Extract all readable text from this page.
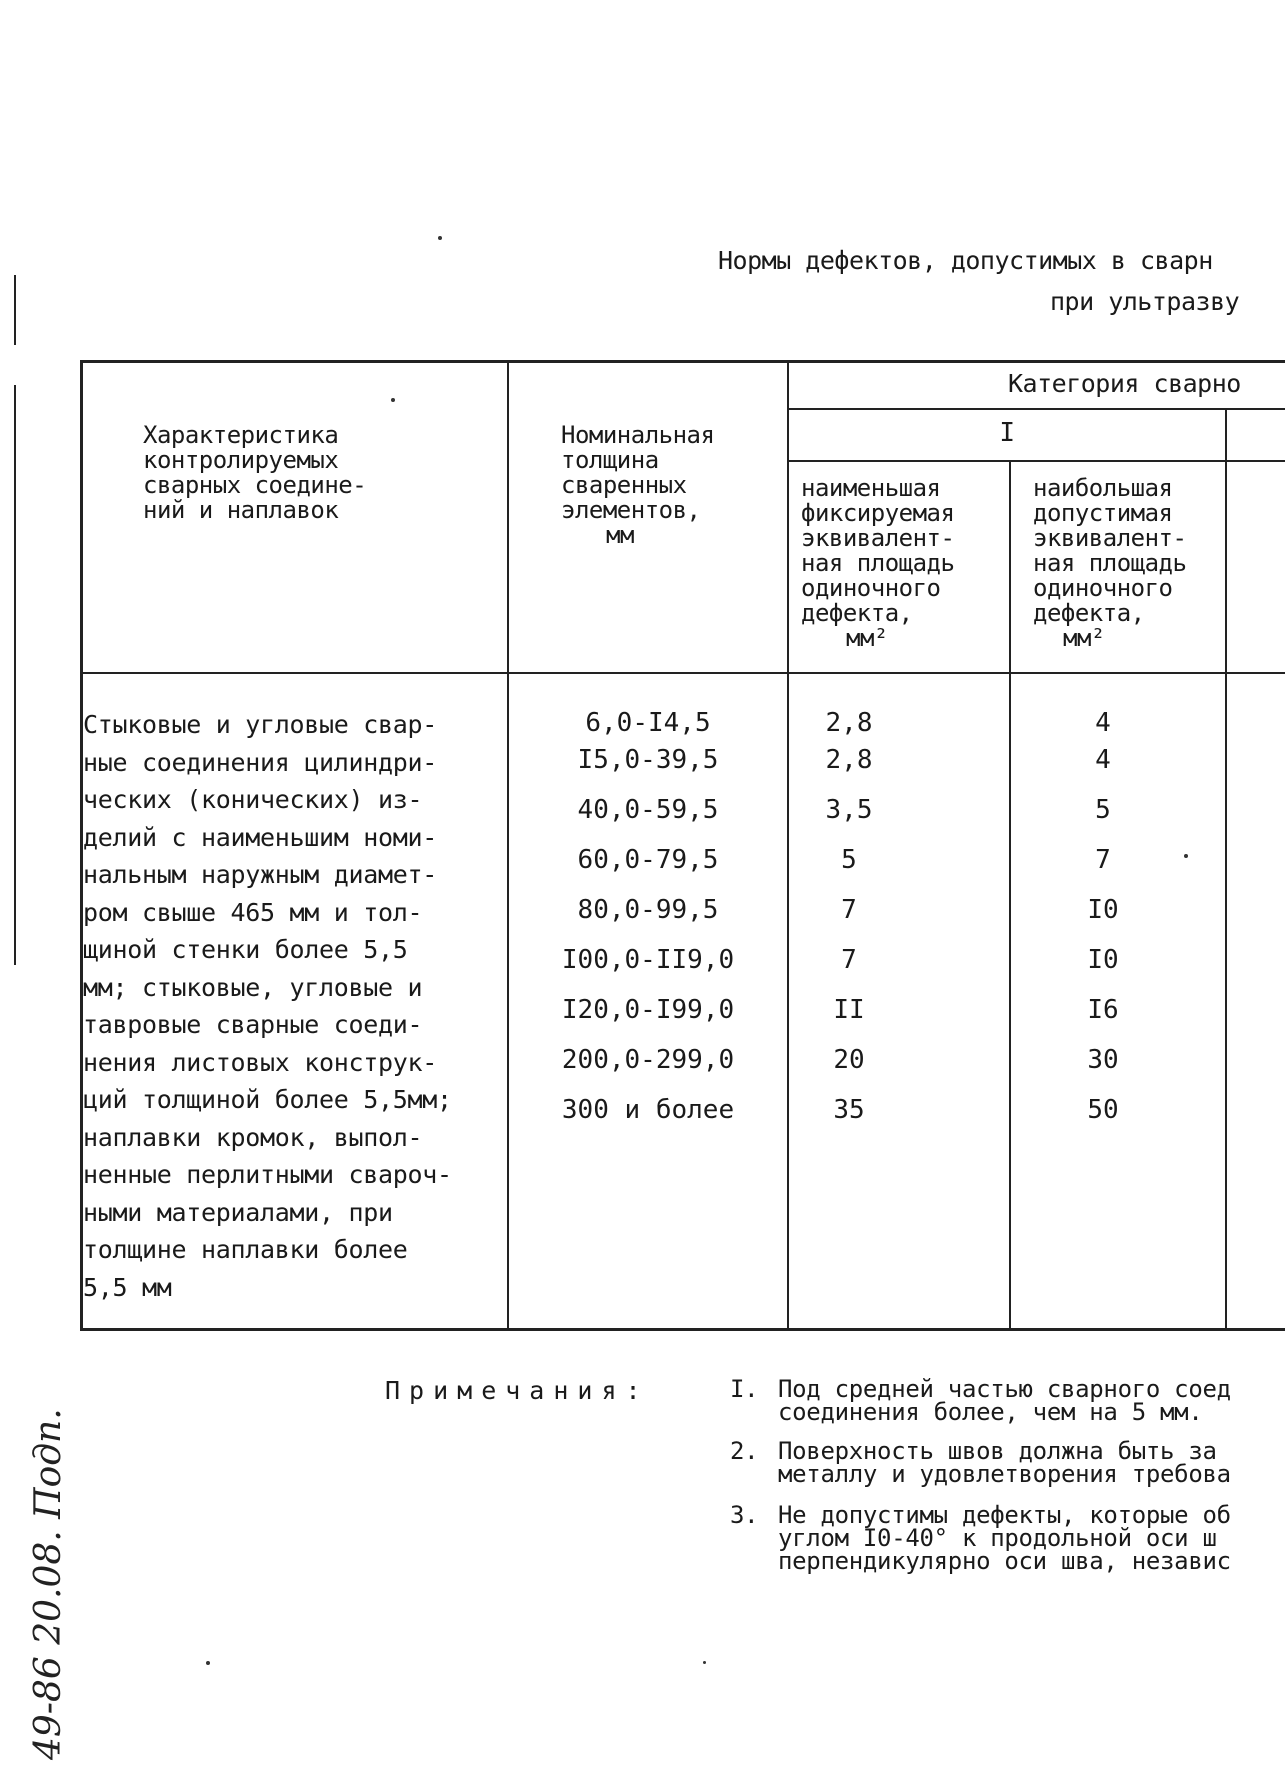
Нормы дефектов, допустимых в сварн
при ультразву
Характеристика
контролируемых
сварных соедине-
ний и наплавок
Номинальная
толщина
сваренных
элементов,
мм
Категория сварно
I
наименьшая
фиксируемая
эквивалент-
ная площадь
одиночного
дефекта,
мм²
наибольшая
допустимая
эквивалент-
ная площадь
одиночного
дефекта,
мм²
Стыковые и угловые свар-
ные соединения цилиндри-
ческих (конических) из-
делий с наименьшим номи-
нальным наружным диамет-
ром свыше 465 мм и тол-
щиной стенки более 5,5
мм; стыковые, угловые и
тавровые сварные соеди-
нения листовых конструк-
ций толщиной более 5,5мм;
наплавки кромок, выпол-
ненные перлитными свароч-
ными материалами, при
толщине наплавки более
5,5 мм
6,0-I4,5
I5,0-39,5
40,0-59,5
60,0-79,5
80,0-99,5
I00,0-II9,0
I20,0-I99,0
200,0-299,0
300 и более
2,8
2,8
3,5
5
7
7
II
20
35
4
4
5
7
I0
I0
I6
30
50
Примечания:	I. Под средней частью сварного соед
соединения более, чем на 5 мм.
2. Поверхность швов должна быть за
металлу и удовлетворения требова
3. Не допустимы дефекты, которые об
углом I0-40° к продольной оси ш
перпендикулярно оси шва, независ
49-86 20.08. Подп.
